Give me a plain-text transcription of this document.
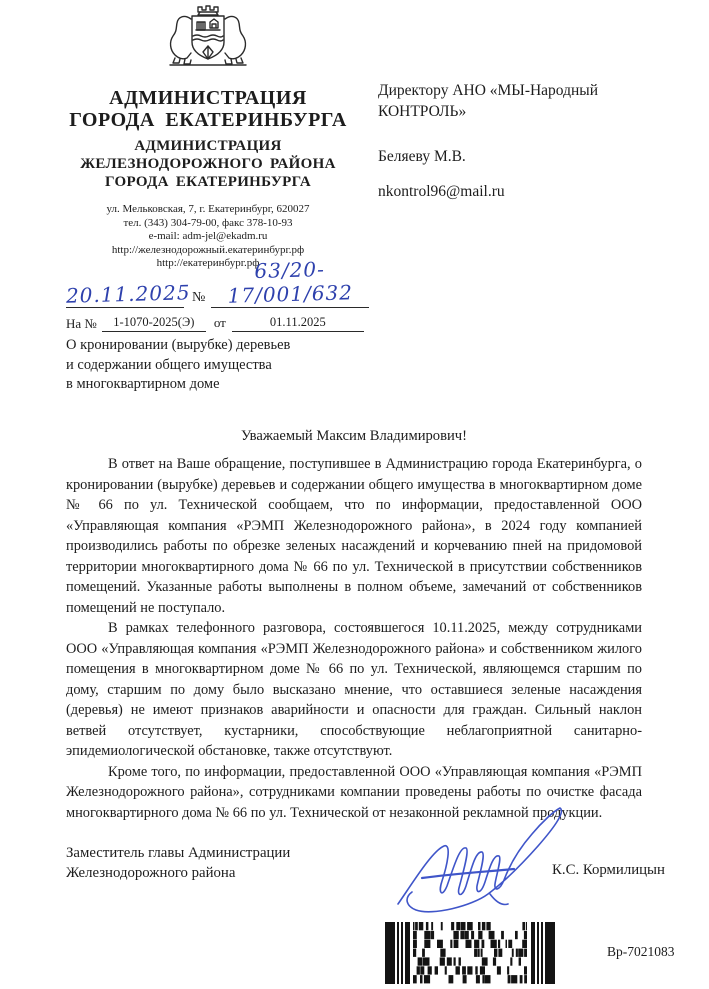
АДМИНИСТРАЦИЯ
ГОРОДА ЕКАТЕРИНБУРГА
АДМИНИСТРАЦИЯ
ЖЕЛЕЗНОДОРОЖНОГО РАЙОНА
ГОРОДА ЕКАТЕРИНБУРГА
ул. Мельковская, 7, г. Екатеринбург, 620027
тел. (343) 304-79-00, факс 378-10-93
e-mail: adm-jel@ekadm.ru
http://железнодорожный.екатеринбург.рф
http://екатеринбург.рф
Директору АНО «МЫ-Народный
КОНТРОЛЬ»
Беляеву М.В.
nkontrol96@mail.ru
20.11.2025 №
63/20-17/001/632
На №	1-1070-2025(Э)	от	01.11.2025
О кронировании (вырубке) деревьев
и содержании общего имущества
в многоквартирном доме
Уважаемый Максим Владимирович!

В ответ на Ваше обращение, поступившее в Администрацию города Екатеринбурга, о кронировании (вырубке) деревьев и содержании общего имущества в многоквартирном доме № 66 по ул. Технической сообщаем, что по информации, предоставленной ООО «Управляющая компания «РЭМП Железнодорожного района», в 2024 году компанией производились работы по обрезке зеленых насаждений и корчеванию пней на придомовой территории многоквартирного дома № 66 по ул. Технической в присутствии собственников помещений. Указанные работы выполнены в полном объеме, замечаний от собственников помещений не поступало.

В рамках телефонного разговора, состоявшегося 10.11.2025, между сотрудниками ООО «Управляющая компания «РЭМП Железнодорожного района» и собственником жилого помещения в многоквартирном доме № 66 по ул. Технической, являющемся старшим по дому, старшим по дому было высказано мнение, что оставшиеся зеленые насаждения (деревья) не имеют признаков аварийности и опасности для граждан. Сильный наклон ветвей отсутствует, кустарники, способствующие неблагоприятной санитарно-эпидемиологической обстановке, также отсутствуют.

Кроме того, по информации, предоставленной ООО «Управляющая компания «РЭМП Железнодорожного района», сотрудниками компании проведены работы по очистке фасада многоквартирного дома № 66 по ул. Технической от незаконной рекламной продукции.

Заместитель главы Администрации
Железнодорожного района	К.С. Кормилицын
Вр-7021083
